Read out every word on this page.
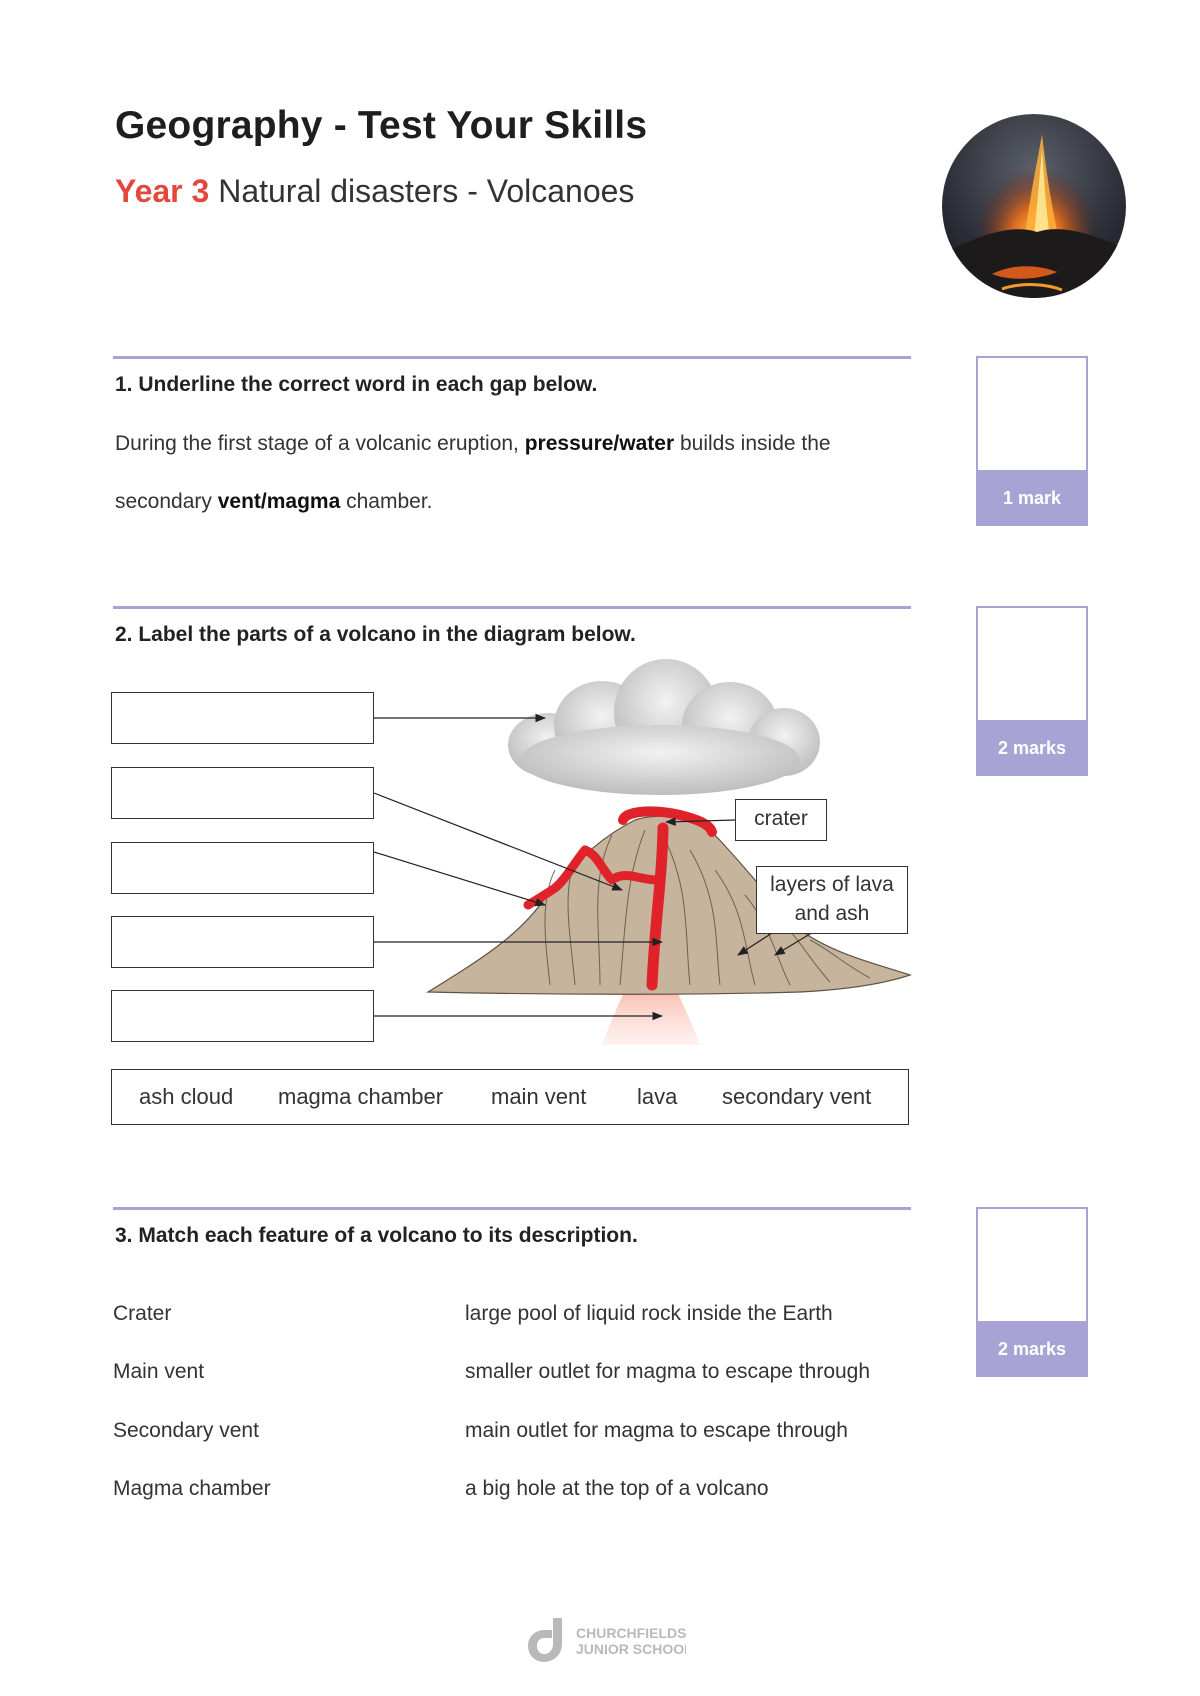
Geography - Test Your Skills
Year 3 Natural disasters - Volcanoes
1. Underline the correct word in each gap below.
During the first stage of a volcanic eruption, pressure/water builds inside the
secondary vent/magma chamber.	1 mark
2. Label the parts of a volcano in the diagram below.
2 marks
crater
layers of lava
and ash
ash cloud magma chamber main vent lava secondary vent
3. Match each feature of a volcano to its description.
2 marks
Crater
Main vent
Secondary vent
Magma chamber
large pool of liquid rock inside the Earth
smaller outlet for magma to escape through
main outlet for magma to escape through
a big hole at the top of a volcano
CHURCHFIELDS
JUNIOR SCHOOL
